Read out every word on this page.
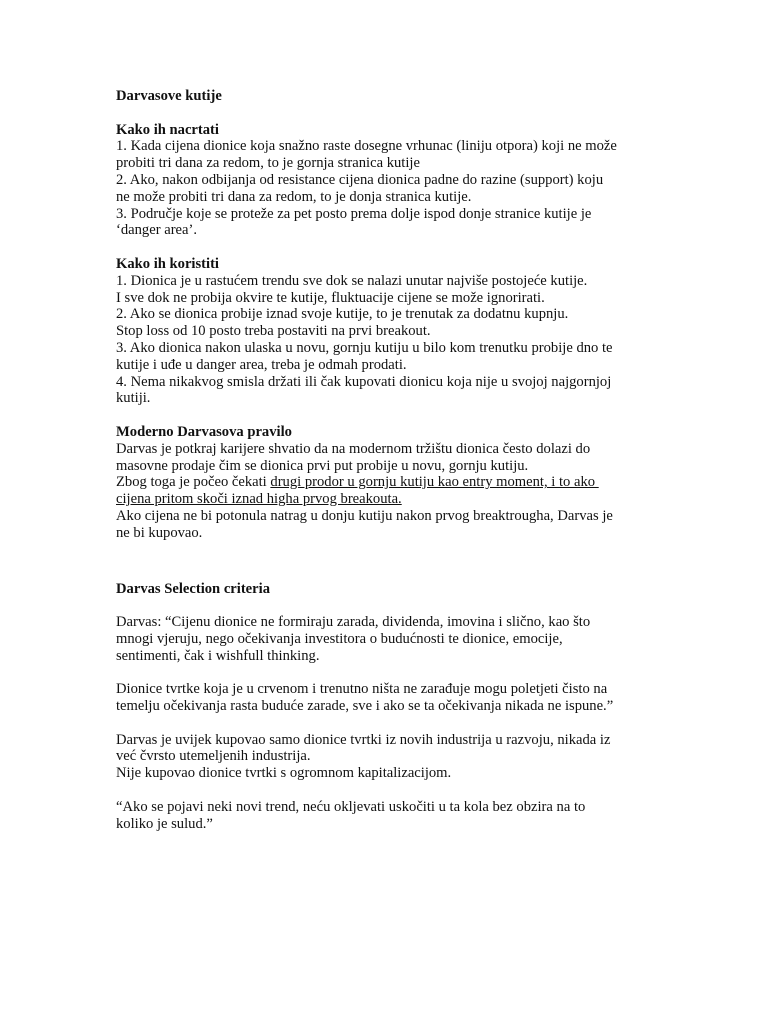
Darvasove kutije
Kako ih nacrtati
1. Kada cijena dionice koja snažno raste dosegne vrhunac (liniju otpora) koji ne može
probiti tri dana za redom, to je gornja stranica kutije
2. Ako, nakon odbijanja od resistance cijena dionica padne do razine (support) koju
ne može probiti tri dana za redom, to je donja stranica kutije.
3. Područje koje se proteže za pet posto prema dolje ispod donje stranice kutije je
‘danger area’.
Kako ih koristiti
1. Dionica je u rastućem trendu sve dok se nalazi unutar najviše postojeće kutije.
I sve dok ne probija okvire te kutije, fluktuacije cijene se može ignorirati.
2. Ako se dionica probije iznad svoje kutije, to je trenutak za dodatnu kupnju.
Stop loss od 10 posto treba postaviti na prvi breakout.
3. Ako dionica nakon ulaska u novu, gornju kutiju u bilo kom trenutku probije dno te
kutije i uđe u danger area, treba je odmah prodati.
4. Nema nikakvog smisla držati ili čak kupovati dionicu koja nije u svojoj najgornjoj
kutiji.
Moderno Darvasova pravilo
Darvas je potkraj karijere shvatio da na modernom tržištu dionica često dolazi do
masovne prodaje čim se dionica prvi put probije u novu, gornju kutiju.
Zbog toga je počeo čekati drugi prodor u gornju kutiju kao entry moment, i to ako
cijena pritom skoči iznad higha prvog breakouta.
Ako cijena ne bi potonula natrag u donju kutiju nakon prvog breaktrougha, Darvas je
ne bi kupovao.
Darvas Selection criteria
Darvas: “Cijenu dionice ne formiraju zarada, dividenda, imovina i slično, kao što
mnogi vjeruju, nego očekivanja investitora o budućnosti te dionice, emocije,
sentimenti, čak i wishfull thinking.
Dionice tvrtke koja je u crvenom i trenutno ništa ne zarađuje mogu poletjeti čisto na
temelju očekivanja rasta buduće zarade, sve i ako se ta očekivanja nikada ne ispune.”
Darvas je uvijek kupovao samo dionice tvrtki iz novih industrija u razvoju, nikada iz
već čvrsto utemeljenih industrija.
Nije kupovao dionice tvrtki s ogromnom kapitalizacijom.
“Ako se pojavi neki novi trend, neću okljevati uskočiti u ta kola bez obzira na to
koliko je sulud.”
